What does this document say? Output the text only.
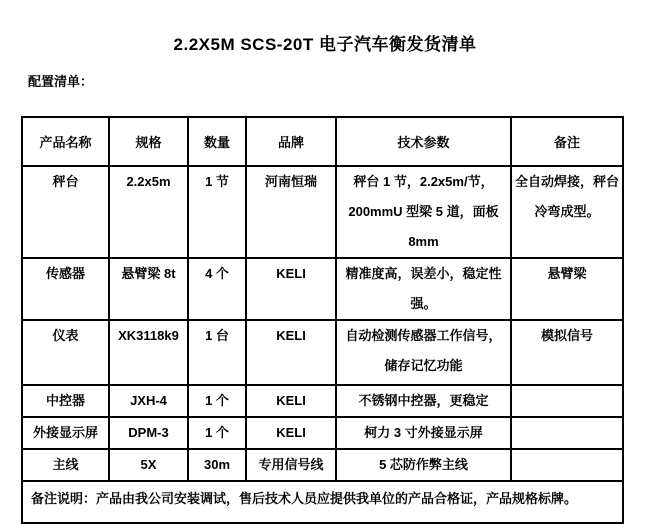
2.2X5M SCS-20T 电子汽车衡发货清单
配置清单：
产品名称	规格	数量	品牌	技术参数	备注
秤台	2.2x5m	1 节	河南恒瑞	秤台 1 节，2.2x5m/节，200mmU 型梁 5 道，面板 8mm	全自动焊接，秤台冷弯成型。
传感器	悬臂梁 8t	4 个	KELI	精准度高，误差小，稳定性强。	悬臂梁
仪表	XK3118k9	1 台	KELI	自动检测传感器工作信号，储存记忆功能	模拟信号
中控器	JXH-4	1 个	KELI	不锈钢中控器，更稳定	
外接显示屏	DPM-3	1 个	KELI	柯力 3 寸外接显示屏	
主线	5X	30m	专用信号线	5 芯防作弊主线	
备注说明：产品由我公司安装调试，售后技术人员应提供我单位的产品合格证，产品规格标牌。					
